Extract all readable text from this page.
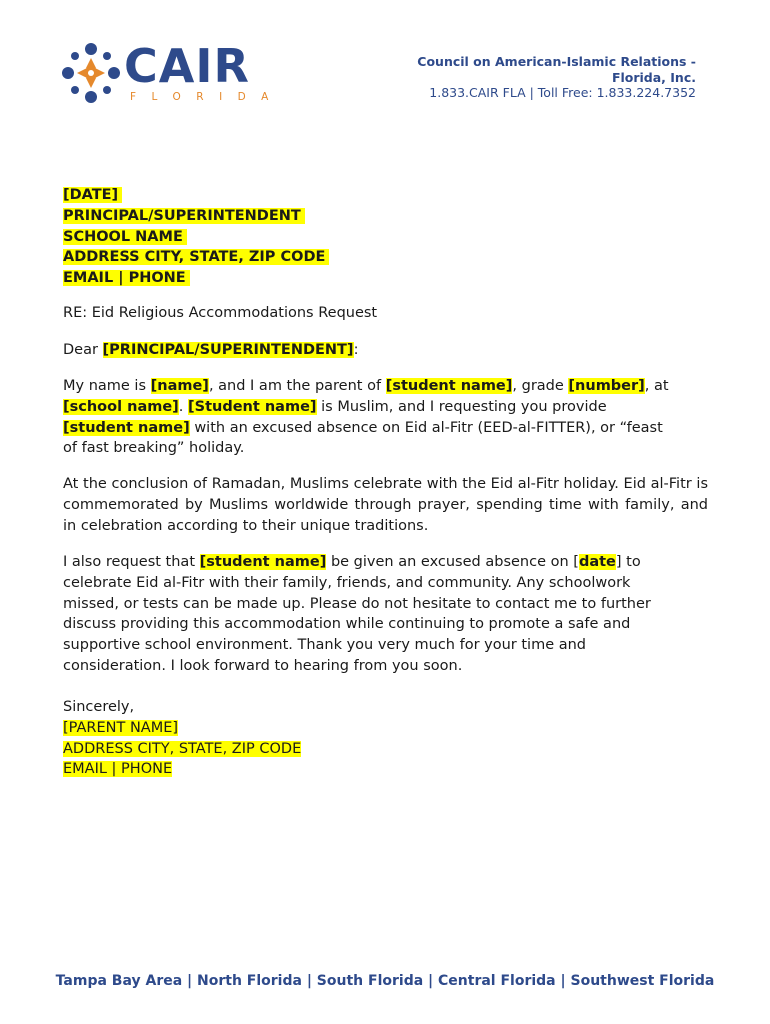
CAIR
FLORIDA
Council on American-Islamic Relations -
Florida, Inc.
1.833.CAIR FLA | Toll Free: 1.833.224.7352
[DATE]
PRINCIPAL/SUPERINTENDENT
SCHOOL NAME
ADDRESS CITY, STATE, ZIP CODE
EMAIL | PHONE
RE: Eid Religious Accommodations Request
Dear [PRINCIPAL/SUPERINTENDENT]:
My name is [name], and I am the parent of [student name], grade [number], at
[school name]. [Student name] is Muslim, and I requesting you provide
[student name] with an excused absence on Eid al-Fitr (EED-al-FITTER), or “feast
of fast breaking” holiday.
At the conclusion of Ramadan, Muslims celebrate with the Eid al-Fitr holiday. Eid al-Fitr is commemorated by Muslims worldwide through prayer, spending time with family, and in celebration according to their unique traditions.
I also request that [student name] be given an excused absence on [date] to
celebrate Eid al-Fitr with their family, friends, and community. Any schoolwork
missed, or tests can be made up. Please do not hesitate to contact me to further
discuss providing this accommodation while continuing to promote a safe and
supportive school environment. Thank you very much for your time and
consideration. I look forward to hearing from you soon.
Sincerely,
[PARENT NAME]
ADDRESS CITY, STATE, ZIP CODE
EMAIL | PHONE
Tampa Bay Area | North Florida | South Florida | Central Florida | Southwest Florida
